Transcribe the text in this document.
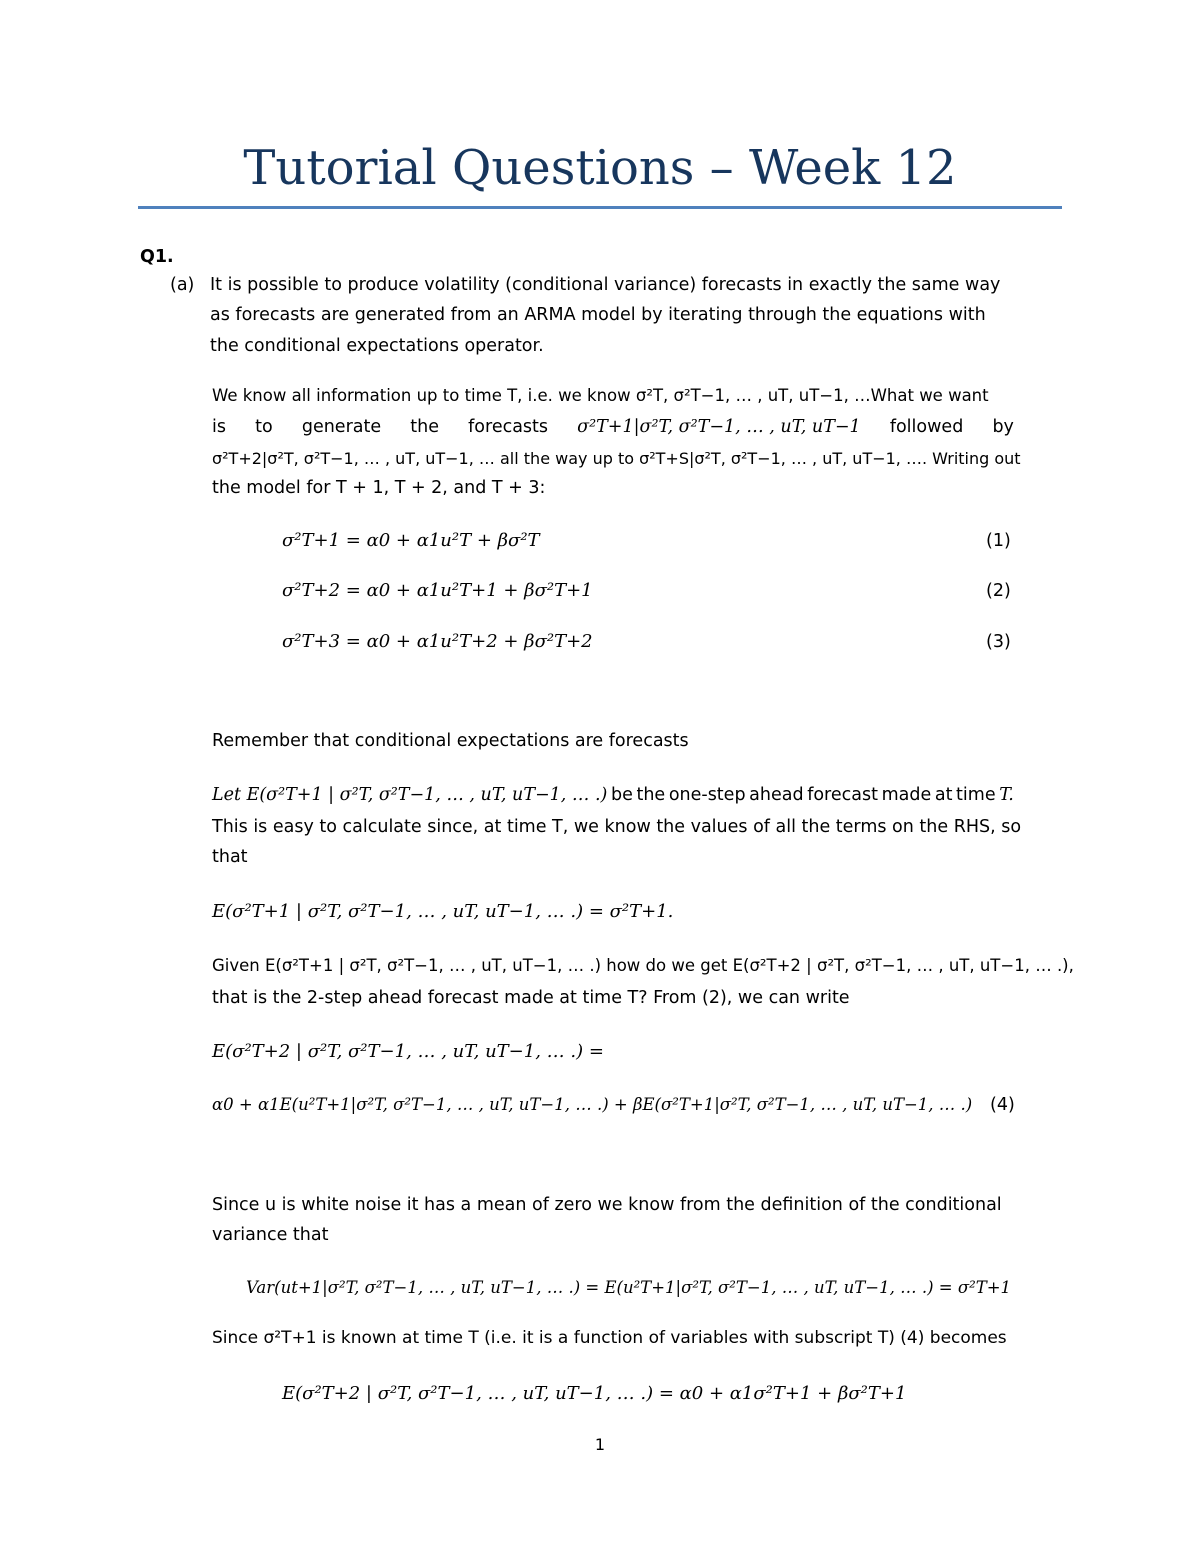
Tutorial Questions – Week 12
Q1.
(a) It is possible to produce volatility (conditional variance) forecasts in exactly the same way
as forecasts are generated from an ARMA model by iterating through the equations with
the conditional expectations operator.
We know all information up to time T, i.e. we know σ²T, σ²T−1, … , uT, uT−1, …What we want
is to generate the forecasts σ²T+1|σ²T, σ²T−1, … , uT, uT−1 followed by
σ²T+2|σ²T, σ²T−1, … , uT, uT−1, … all the way up to σ²T+S|σ²T, σ²T−1, … , uT, uT−1, …. Writing out
the model for T + 1, T + 2, and T + 3:
σ²T+1 = α0 + α1u²T + βσ²T	(1)
σ²T+2 = α0 + α1u²T+1 + βσ²T+1	(2)
σ²T+3 = α0 + α1u²T+2 + βσ²T+2	(3)
Remember that conditional expectations are forecasts
Let E(σ²T+1 | σ²T, σ²T−1, … , uT, uT−1, … .) be the one-step ahead forecast made at time T.
This is easy to calculate since, at time T, we know the values of all the terms on the RHS, so
that
E(σ²T+1 | σ²T, σ²T−1, … , uT, uT−1, … .) = σ²T+1.
Given E(σ²T+1 | σ²T, σ²T−1, … , uT, uT−1, … .) how do we get E(σ²T+2 | σ²T, σ²T−1, … , uT, uT−1, … .),
that is the 2-step ahead forecast made at time T? From (2), we can write
E(σ²T+2 | σ²T, σ²T−1, … , uT, uT−1, … .) =
α0 + α1E(u²T+1|σ²T, σ²T−1, … , uT, uT−1, … .) + βE(σ²T+1|σ²T, σ²T−1, … , uT, uT−1, … .) (4)
Since u is white noise it has a mean of zero we know from the definition of the conditional
variance that
Var(ut+1|σ²T, σ²T−1, … , uT, uT−1, … .) = E(u²T+1|σ²T, σ²T−1, … , uT, uT−1, … .) = σ²T+1
Since σ²T+1 is known at time T (i.e. it is a function of variables with subscript T) (4) becomes
E(σ²T+2 | σ²T, σ²T−1, … , uT, uT−1, … .) = α0 + α1σ²T+1 + βσ²T+1
1
